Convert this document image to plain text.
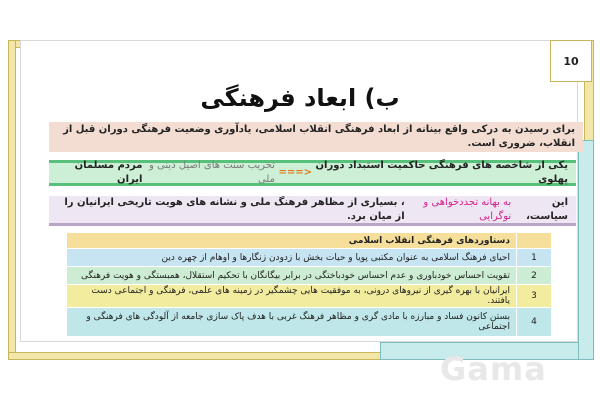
10
ب) ابعاد فرهنگی
برای رسیدن به درکی واقع بینانه از ابعاد فرهنگی انقلاب اسلامی، یادآوری وضعیت فرهنگی دوران قبل از انقلاب، ضروری است.
یکی از شاخصه های فرهنگی حاکمیت استبداد دوران پهلوی

<===

تخریب سنت های اصیل دینی و ملی

مردم مسلمان ایران
این سیاست،

به بهانه تجددخواهی و نوگرایی
، بسیاری از مظاهر فرهنگ ملی و نشانه های هویت تاریخی ایرانیان را از میان برد.
	دستاوردهای فرهنگی انقلاب اسلامی
1	احیای فرهنگ اسلامی به عنوان مکتبی پویا و حیات بخش با زدودن زنگارها و اوهام از چهره دین
2	تقویت احساس خودباوری و عدم احساس خودباختگی در برابر بیگانگان با تحکیم استقلال، همبستگی و هویت فرهنگی
3	ایرانیان با بهره گیری از نیروهای درونی، به موفقیت هایی چشمگیر در زمینه های علمی، فرهنگی و اجتماعی دست یافتند.
4	بستن کانون فساد و مبارزه با مادی گری و مظاهر فرهنگ غربی با هدف پاک سازی جامعه از آلودگی های فرهنگی و اجتماعی
Gama
